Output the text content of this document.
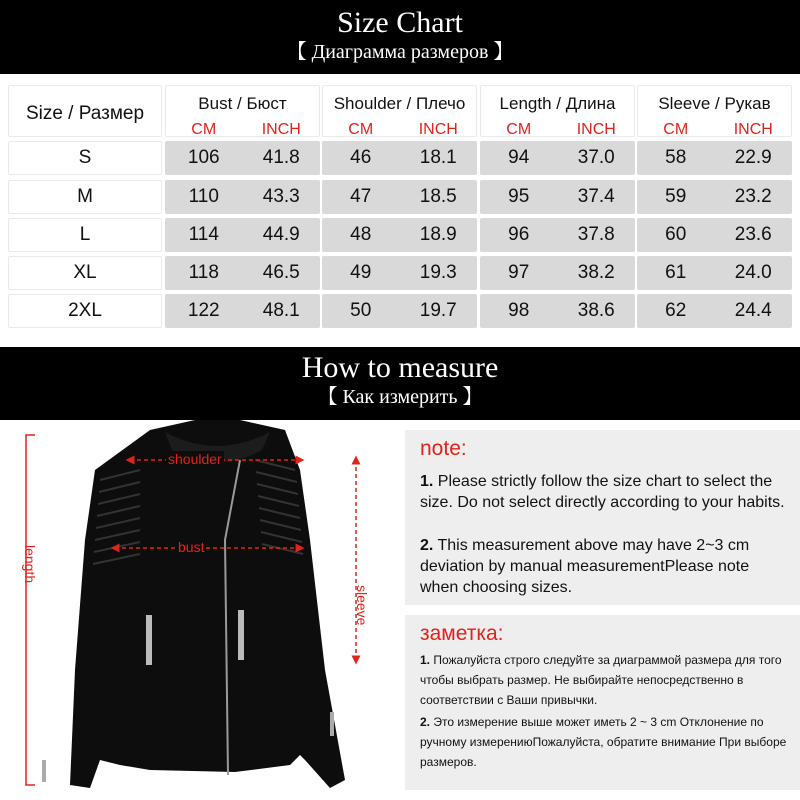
Size Chart
【 Диаграмма размеров 】
Size / Размер	Bust / Бюст
CM	INCH
Shoulder / Плечо
CM	INCH
Length / Длина
CM	INCH
Sleeve / Рукав
CM	INCH
S	106	41.8	46	18.1	94	37.0	58	22.9
M	110	43.3	47	18.5	95	37.4	59	23.2
L	114	44.9	48	18.9	96	37.8	60	23.6
XL	118	46.5	49	19.3	97	38.2	61	24.0
2XL	122	48.1	50	19.7	98	38.6	62	24.4
How to measure
【 Как измерить 】
shoulder
bust
length
sleeve
note:
1. Please strictly follow the size chart to select the size. Do not select directly according to your habits.
2. This measurement above may have 2~3 cm deviation by manual measurementPlease note when choosing sizes.
заметка:
1. Пожалуйста строго следуйте за диаграммой размера для того чтобы выбрать размер. Не выбирайте непосредственно в соответствии с Ваши привычки.
2. Это измерение выше может иметь 2 ~ 3 cm Отклонение по ручному измерениюПожалуйста, обратите внимание При выборе размеров.
